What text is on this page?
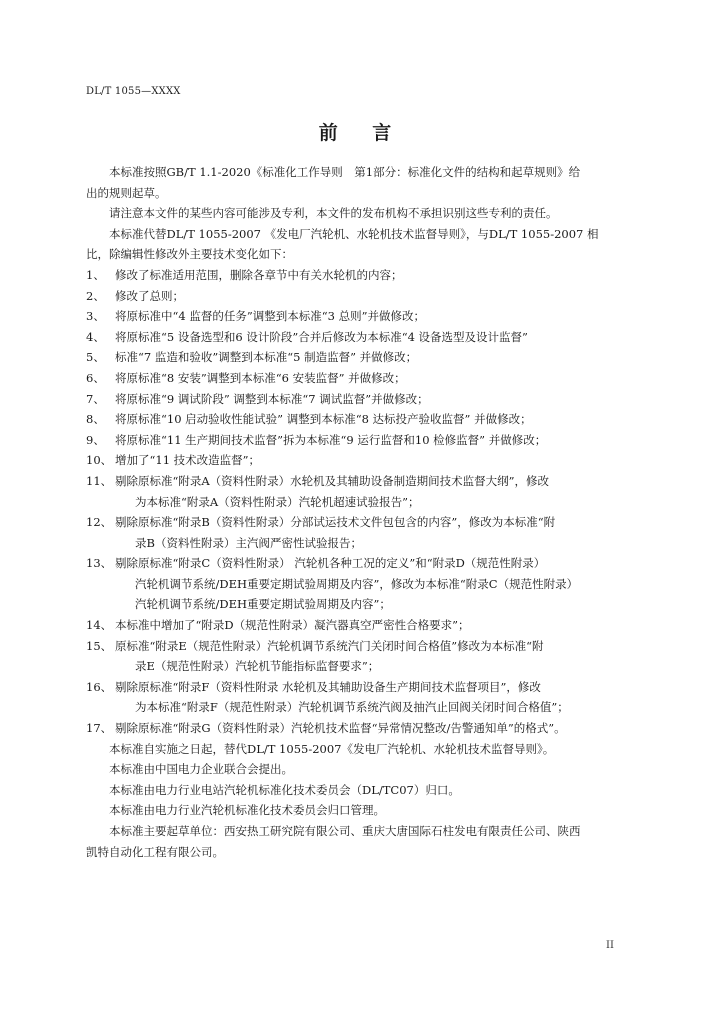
DL/T 1055—XXXX
前 言

本标准按照GB/T 1.1-2020《标准化工作导则　第1部分：标准化文件的结构和起草规则》给

出的规则起草。

请注意本文件的某些内容可能涉及专利，本文件的发布机构不承担识别这些专利的责任。

本标准代替DL/T 1055-2007 《发电厂汽轮机、水轮机技术监督导则》，与DL/T 1055-2007 相

比，除编辑性修改外主要技术变化如下：

1、 修改了标准适用范围，删除各章节中有关水轮机的内容；
2、 修改了总则；
3、 将原标准中“4 监督的任务”调整到本标准“3 总则”并做修改；
4、 将原标准“5 设备选型和6 设计阶段”合并后修改为本标准“4 设备选型及设计监督”
5、 标准“7 监造和验收”调整到本标准“5 制造监督” 并做修改；
6、 将原标准“8 安装”调整到本标准“6 安装监督” 并做修改；
7、 将原标准“9 调试阶段” 调整到本标准“7 调试监督”并做修改；
8、 将原标准“10 启动验收性能试验” 调整到本标准“8 达标投产验收监督” 并做修改；
9、 将原标准“11 生产期间技术监督”拆为本标准“9 运行监督和10 检修监督” 并做修改；
10、 增加了“11 技术改造监督”；
11、 剔除原标准“附录A（资料性附录）水轮机及其辅助设备制造期间技术监督大纲”，修改

为本标准“附录A（资料性附录）汽轮机超速试验报告”；

12、 剔除原标准“附录B（资料性附录）分部试运技术文件包包含的内容”，修改为本标准“附

录B（资料性附录）主汽阀严密性试验报告；

13、 剔除原标准“附录C（资料性附录） 汽轮机各种工况的定义”和“附录D（规范性附录）

汽轮机调节系统/DEH重要定期试验周期及内容”，修改为本标准“附录C（规范性附录）

汽轮机调节系统/DEH重要定期试验周期及内容”；

14、 本标准中增加了“附录D（规范性附录）凝汽器真空严密性合格要求”；
15、 原标准“附录E（规范性附录）汽轮机调节系统汽门关闭时间合格值”修改为本标准“附

录E（规范性附录）汽轮机节能指标监督要求”；

16、 剔除原标准“附录F（资料性附录 水轮机及其辅助设备生产期间技术监督项目”，修改

为本标准“附录F（规范性附录）汽轮机调节系统汽阀及抽汽止回阀关闭时间合格值”；

17、 剔除原标准“附录G（资料性附录）汽轮机技术监督“异常情况整改/告警通知单”的格式”。

本标准自实施之日起，替代DL/T 1055-2007《发电厂汽轮机、水轮机技术监督导则》。

本标准由中国电力企业联合会提出。

本标准由电力行业电站汽轮机标准化技术委员会（DL/TC07）归口。

本标准由电力行业汽轮机标准化技术委员会归口管理。

本标准主要起草单位：西安热工研究院有限公司、重庆大唐国际石柱发电有限责任公司、陕西

凯特自动化工程有限公司。

II
